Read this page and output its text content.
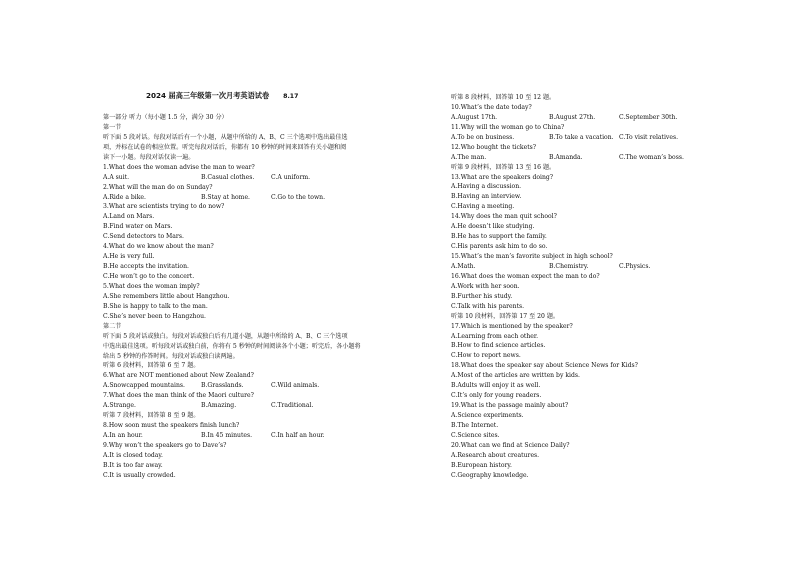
2024 届高三年级第一次月考英语试卷 8.17
第一部分 听力（每小题 1.5 分，满分 30 分）
第一节
听下面 5 段对话。每段对话后有一个小题，从题中所给的 A、B、C 三个选项中选出最佳选
项，并标在试卷的相应位置。听完每段对话后，你都有 10 秒钟的时间来回答有关小题和阅
读下一小题。每段对话仅读一遍。
1.What does the woman advise the man to wear?
A.A suit.	B.Casual clothes.	C.A uniform.
2.What will the man do on Sunday?
A.Ride a bike.	B.Stay at home.	C.Go to the town.
3.What are scientists trying to do now?
A.Land on Mars.
B.Find water on Mars.
C.Send detectors to Mars.
4.What do we know about the man?
A.He is very full.
B.He accepts the invitation.
C.He won’t go to the concert.
5.What does the woman imply?
A.She remembers little about Hangzhou.
B.She is happy to talk to the man.
C.She’s never been to Hangzhou.
第二节
听下面 5 段对话或独白。每段对话或独白后有几道小题，从题中所给的 A、B、C 三个选项
中选出最佳选项。听每段对话或独白前，你将有 5 秒钟的时间阅读各个小题；听完后，各小题将
给出 5 秒钟的作答时间。每段对话或独白读两遍。
听第 6 段材料，回答第 6 至 7 题。
6.What are NOT mentioned about New Zealand?
A.Snowcapped mountains.	B.Grasslands.	C.Wild animals.
7.What does the man think of the Maori culture?
A.Strange.	B.Amazing.	C.Traditional.
听第 7 段材料，回答第 8 至 9 题。
8.How soon must the speakers finish lunch?
A.In an hour.	B.In 45 minutes.	C.In half an hour.
9.Why won’t the speakers go to Dave’s?
A.It is closed today.
B.It is too far away.
C.It is usually crowded.
听第 8 段材料，回答第 10 至 12 题。
10.What’s the date today?
A.August 17th.	B.August 27th.	C.September 30th.
11.Why will the woman go to China?
A.To be on business.	B.To take a vacation. C.To visit relatives.
12.Who bought the tickets?
A.The man.	B.Amanda.	C.The woman’s boss.
听第 9 段材料，回答第 13 至 16 题。
13.What are the speakers doing?
A.Having a discussion.
B.Having an interview.
C.Having a meeting.
14.Why does the man quit school?
A.He doesn’t like studying.
B.He has to support the family.
C.His parents ask him to do so.
15.What’s the man’s favorite subject in high school?
A.Math.	B.Chemistry.	C.Physics.
16.What does the woman expect the man to do?
A.Work with her soon.
B.Further his study.
C.Talk with his parents.
听第 10 段材料，回答第 17 至 20 题。
17.Which is mentioned by the speaker?
A.Learning from each other.
B.How to find science articles.
C.How to report news.
18.What does the speaker say about Science News for Kids?
A.Most of the articles are written by kids.
B.Adults will enjoy it as well.
C.It’s only for young readers.
19.What is the passage mainly about?
A.Science experiments.
B.The Internet.
C.Science sites.
20.What can we find at Science Daily?
A.Research about creatures.
B.European history.
C.Geography knowledge.
